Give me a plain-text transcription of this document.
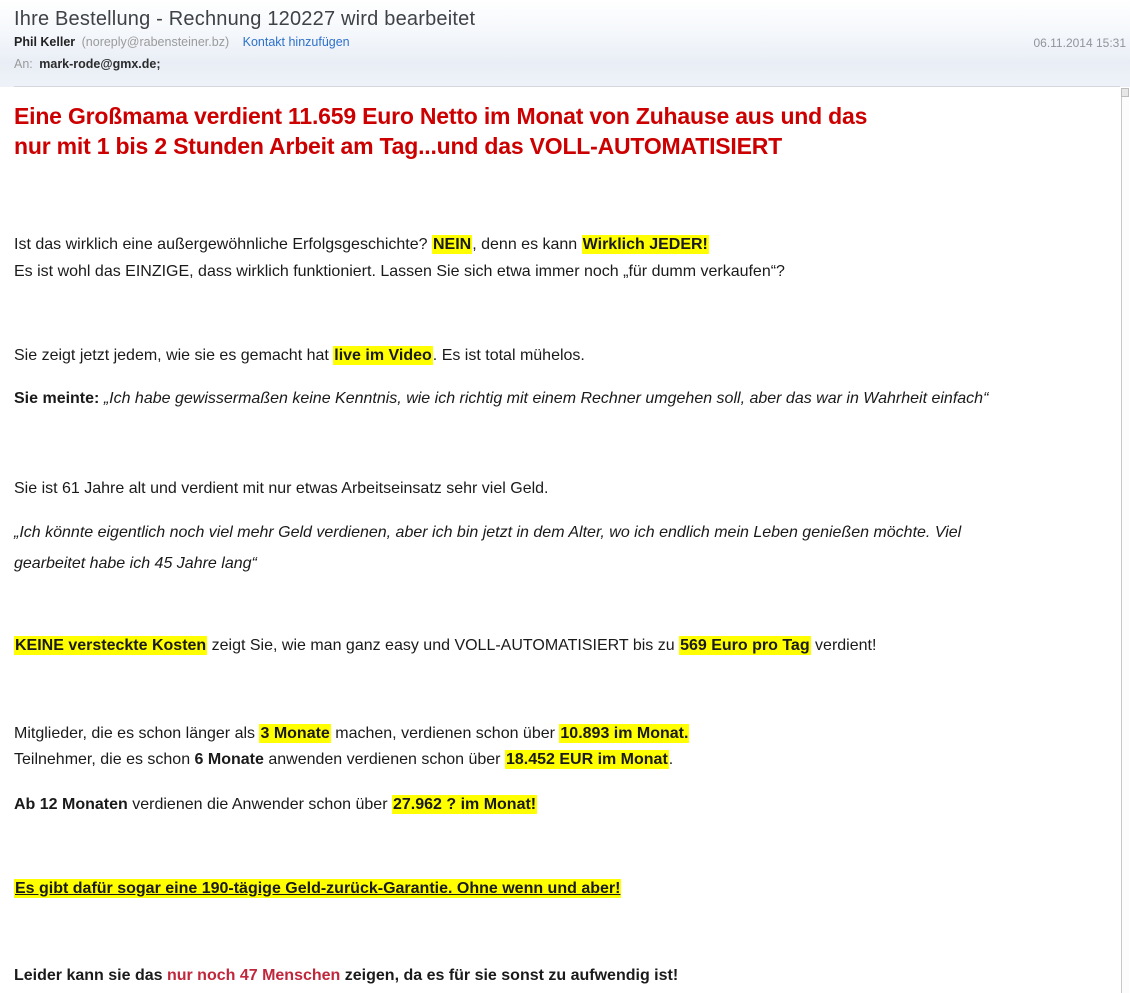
Ihre Bestellung - Rechnung 120227 wird bearbeitet
Phil Keller (noreply@rabensteiner.bz) Kontakt hinzufügen	06.11.2014 15:31
An: mark-rode@gmx.de;
Eine Großmama verdient 11.659 Euro Netto im Monat von Zuhause aus und das
nur mit 1 bis 2 Stunden Arbeit am Tag...und das VOLL-AUTOMATISIERT
Ist das wirklich eine außergewöhnliche Erfolgsgeschichte? NEIN, denn es kann Wirklich JEDER!
Es ist wohl das EINZIGE, dass wirklich funktioniert. Lassen Sie sich etwa immer noch „für dumm verkaufen“?
Sie zeigt jetzt jedem, wie sie es gemacht hat live im Video. Es ist total mühelos.
Sie meinte: „Ich habe gewissermaßen keine Kenntnis, wie ich richtig mit einem Rechner umgehen soll, aber das war in Wahrheit einfach“
Sie ist 61 Jahre alt und verdient mit nur etwas Arbeitseinsatz sehr viel Geld.
„Ich könnte eigentlich noch viel mehr Geld verdienen, aber ich bin jetzt in dem Alter, wo ich endlich mein Leben genießen möchte. Viel
gearbeitet habe ich 45 Jahre lang“
KEINE versteckte Kosten zeigt Sie, wie man ganz easy und VOLL-AUTOMATISIERT bis zu 569 Euro pro Tag verdient!
Mitglieder, die es schon länger als 3 Monate machen, verdienen schon über 10.893 im Monat.
Teilnehmer, die es schon 6 Monate anwenden verdienen schon über 18.452 EUR im Monat.
Ab 12 Monaten verdienen die Anwender schon über 27.962 ? im Monat!
Es gibt dafür sogar eine 190-tägige Geld-zurück-Garantie. Ohne wenn und aber!
Leider kann sie das nur noch 47 Menschen zeigen, da es für sie sonst zu aufwendig ist!
